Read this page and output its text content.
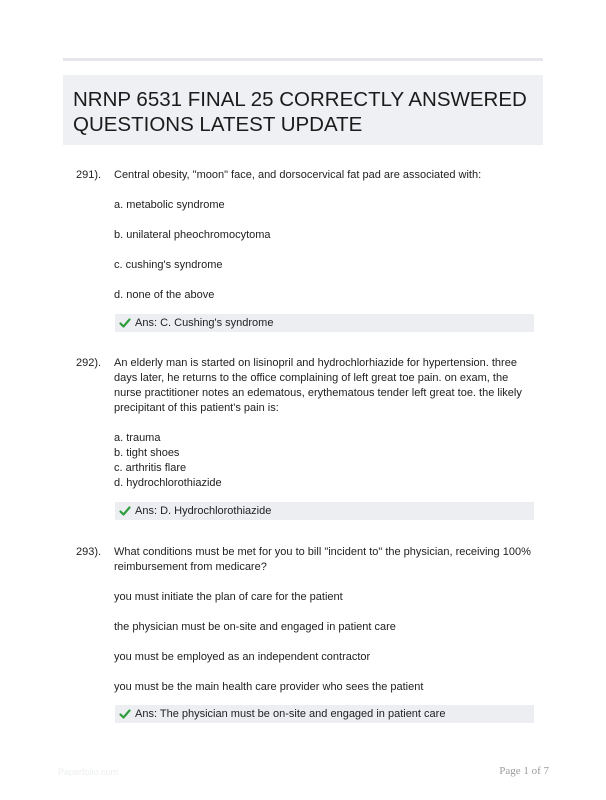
NRNP 6531 FINAL 25 CORRECTLY ANSWERED QUESTIONS LATEST UPDATE
291). Central obesity, "moon" face, and dorsocervical fat pad are associated with:

a. metabolic syndrome
b. unilateral pheochromocytoma
c. cushing's syndrome
d. none of the above
Ans: C. Cushing's syndrome
292). An elderly man is started on lisinopril and hydrochlorhiazide for hypertension. three days later, he returns to the office complaining of left great toe pain. on exam, the nurse practitioner notes an edematous, erythematous tender left great toe. the likely precipitant of this patient's pain is:

a. trauma
b. tight shoes
c. arthritis flare
d. hydrochlorothiazide
Ans: D. Hydrochlorothiazide
293). What conditions must be met for you to bill "incident to" the physician, receiving 100% reimbursement from medicare?

you must initiate the plan of care for the patient
the physician must be on-site and engaged in patient care
you must be employed as an independent contractor
you must be the main health care provider who sees the patient
Ans: The physician must be on-site and engaged in patient care
Paperfolio.com	Page 1 of 7
